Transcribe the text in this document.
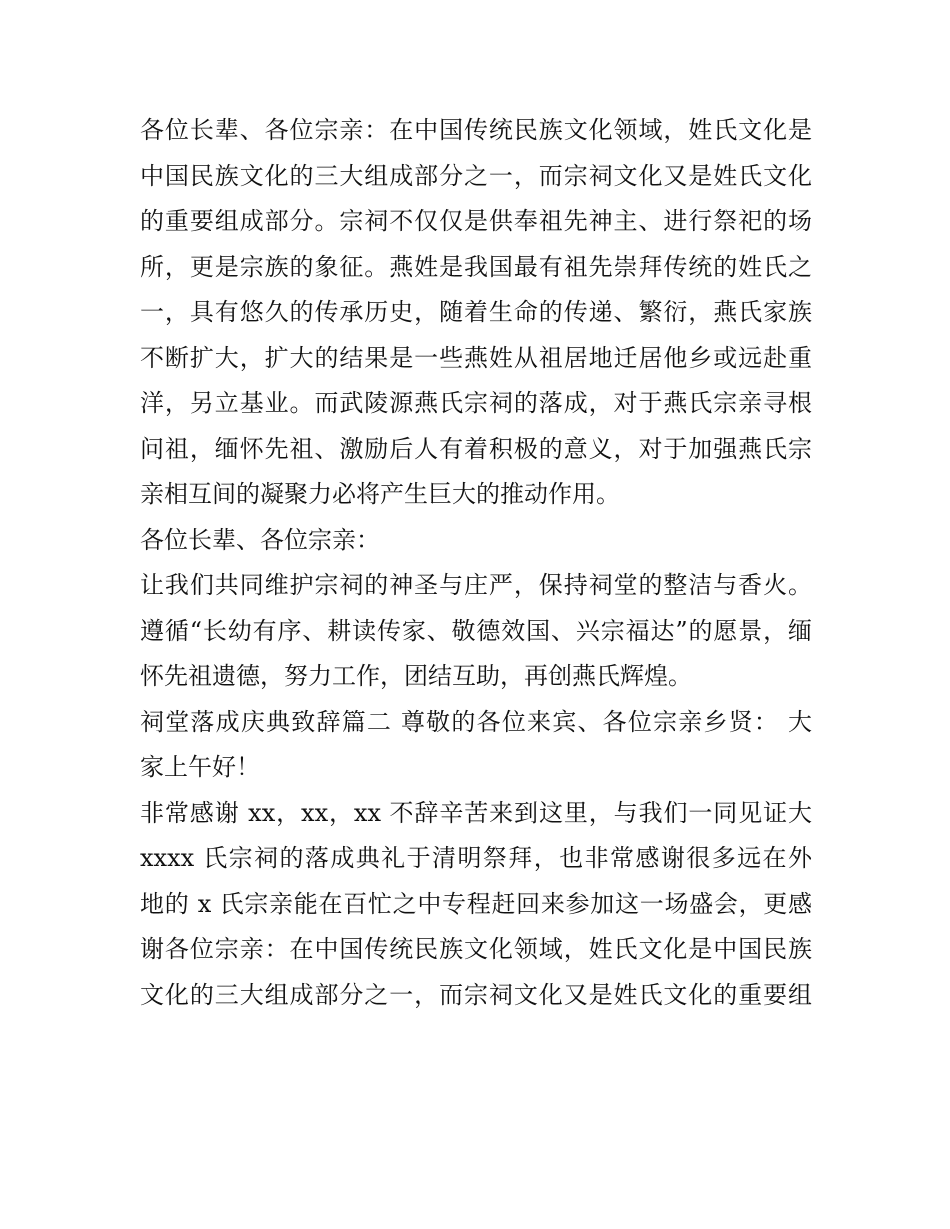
各位长辈、各位宗亲：在中国传统民族文化领域，姓氏文化是
中国民族文化的三大组成部分之一，而宗祠文化又是姓氏文化
的重要组成部分。宗祠不仅仅是供奉祖先神主、进行祭祀的场
所，更是宗族的象征。燕姓是我国最有祖先崇拜传统的姓氏之
一，具有悠久的传承历史，随着生命的传递、繁衍，燕氏家族
不断扩大，扩大的结果是一些燕姓从祖居地迁居他乡或远赴重
洋，另立基业。而武陵源燕氏宗祠的落成，对于燕氏宗亲寻根
问祖，缅怀先祖、激励后人有着积极的意义，对于加强燕氏宗
亲相互间的凝聚力必将产生巨大的推动作用。
各位长辈、各位宗亲：
让我们共同维护宗祠的神圣与庄严，保持祠堂的整洁与香火。
遵循“长幼有序、耕读传家、敬德效国、兴宗福达”的愿景，缅
怀先祖遗德，努力工作，团结互助，再创燕氏辉煌。
祠堂落成庆典致辞篇二 尊敬的各位来宾、各位宗亲乡贤： 大
家上午好！
非常感谢 xx，xx，xx 不辞辛苦来到这里，与我们一同见证大
xxxx 氏宗祠的落成典礼于清明祭拜，也非常感谢很多远在外
地的 x 氏宗亲能在百忙之中专程赶回来参加这一场盛会，更感
谢各位宗亲：在中国传统民族文化领域，姓氏文化是中国民族
文化的三大组成部分之一，而宗祠文化又是姓氏文化的重要组
